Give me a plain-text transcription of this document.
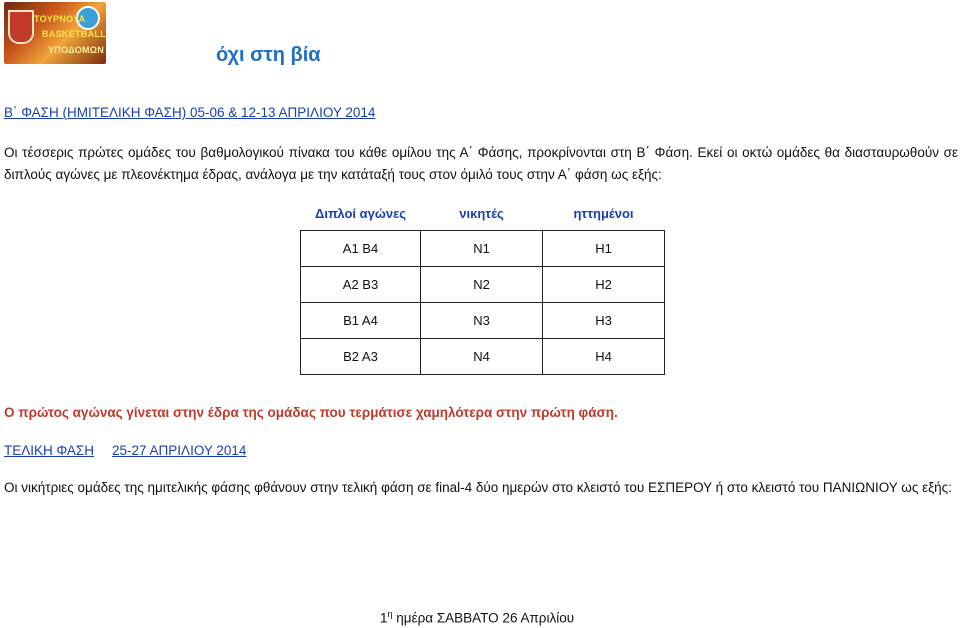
ΤΟΥΡΝΟΥΑ
BASKETBALL
ΥΠΟΔΟΜΩΝ	όχι στη βία
Β΄ ΦΑΣΗ (ΗΜΙΤΕΛΙΚΗ ΦΑΣΗ) 05-06 & 12-13 ΑΠΡΙΛΙΟΥ 2014
Οι τέσσερις πρώτες ομάδες του βαθμολογικού πίνακα του κάθε ομίλου της Α΄ Φάσης, προκρίνονται στη Β΄ Φάση. Εκεί οι οκτώ ομάδες θα διασταυρωθούν σε διπλούς αγώνες με πλεονέκτημα έδρας, ανάλογα με την κατάταξή τους στον όμιλό τους στην Α΄ φάση ως εξής:
Διπλοί αγώνες	νικητές	ηττημένοι
Α1 Β4	Ν1	Η1
Α2 Β3	Ν2	Η2
Β1 Α4	Ν3	Η3
Β2 Α3	Ν4	Η4
Ο πρώτος αγώνας γίνεται στην έδρα της ομάδας που τερμάτισε χαμηλότερα στην πρώτη φάση.
ΤΕΛΙΚΗ ΦΑΣΗ 25-27 ΑΠΡΙΛΙΟΥ 2014
Οι νικήτριες ομάδες της ημιτελικής φάσης φθάνουν στην τελική φάση σε final-4 δύο ημερών στο κλειστό του ΕΣΠΕΡΟΥ ή στο κλειστό του ΠΑΝΙΩΝΙΟΥ ως εξής:
$1^\eta$ ημέρα ΣΑΒΒΑΤΟ 26 Απριλίου
